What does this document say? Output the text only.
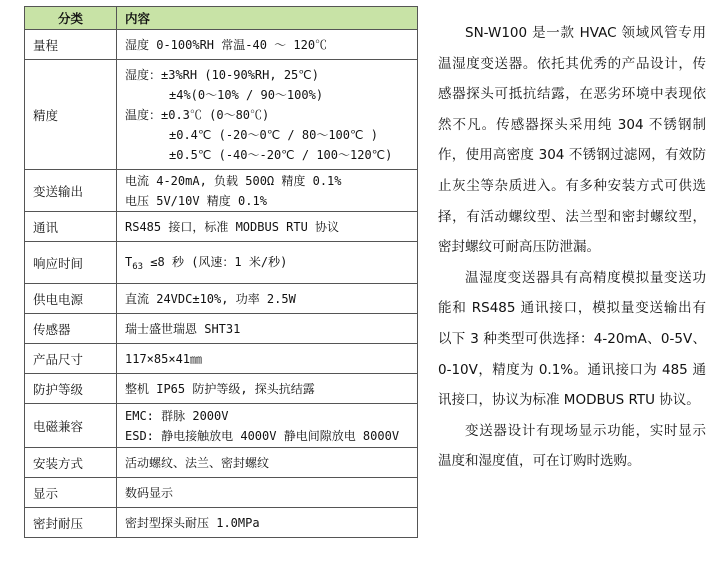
分类	内容
量程	湿度 0-100%RH 常温-40 ～ 120℃
精度	湿度：±3%RH (10-90%RH, 25℃)
±4%(0～10% / 90～100%)
温度：±0.3℃ (0～80℃)
±0.4℃ (-20～0℃ / 80～100℃ )
±0.5℃ (-40～-20℃ / 100～120℃)

变送输出	电流 4-20mA, 负载 500Ω 精度 0.1%
电压 5V/10V 精度 0.1%

通讯	RS485 接口，标准 MODBUS RTU 协议
响应时间	$T_{63} \le 8$ 秒 (风速：1 米/秒)
供电电源	直流 24VDC±10%, 功率 2.5W
传感器	瑞士盛世瑞恩 SHT31
产品尺寸	117×85×41㎜
防护等级	整机 IP65 防护等级, 探头抗结露
电磁兼容	EMC: 群脉 2000V
ESD: 静电接触放电 4000V 静电间隙放电 8000V

安装方式	活动螺纹、法兰、密封螺纹
显示	数码显示
密封耐压	密封型探头耐压 1.0MPa

SN-W100 是一款 HVAC 领域风管专用温湿度变送器。依托其优秀的产品设计，传感器探头可抵抗结露，在恶劣环境中表现依然不凡。传感器探头采用纯 304 不锈钢制作，使用高密度 304 不锈钢过滤网，有效防止灰尘等杂质进入。有多种安装方式可供选择，有活动螺纹型、法兰型和密封螺纹型，密封螺纹可耐高压防泄漏。

温湿度变送器具有高精度模拟量变送功能和 RS485 通讯接口，模拟量变送输出有以下 3 种类型可供选择：4-20mA、0-5V、0-10V，精度为 0.1%。通讯接口为 485 通讯接口，协议为标准 MODBUS RTU 协议。

变送器设计有现场显示功能，实时显示温度和湿度值，可在订购时选购。
